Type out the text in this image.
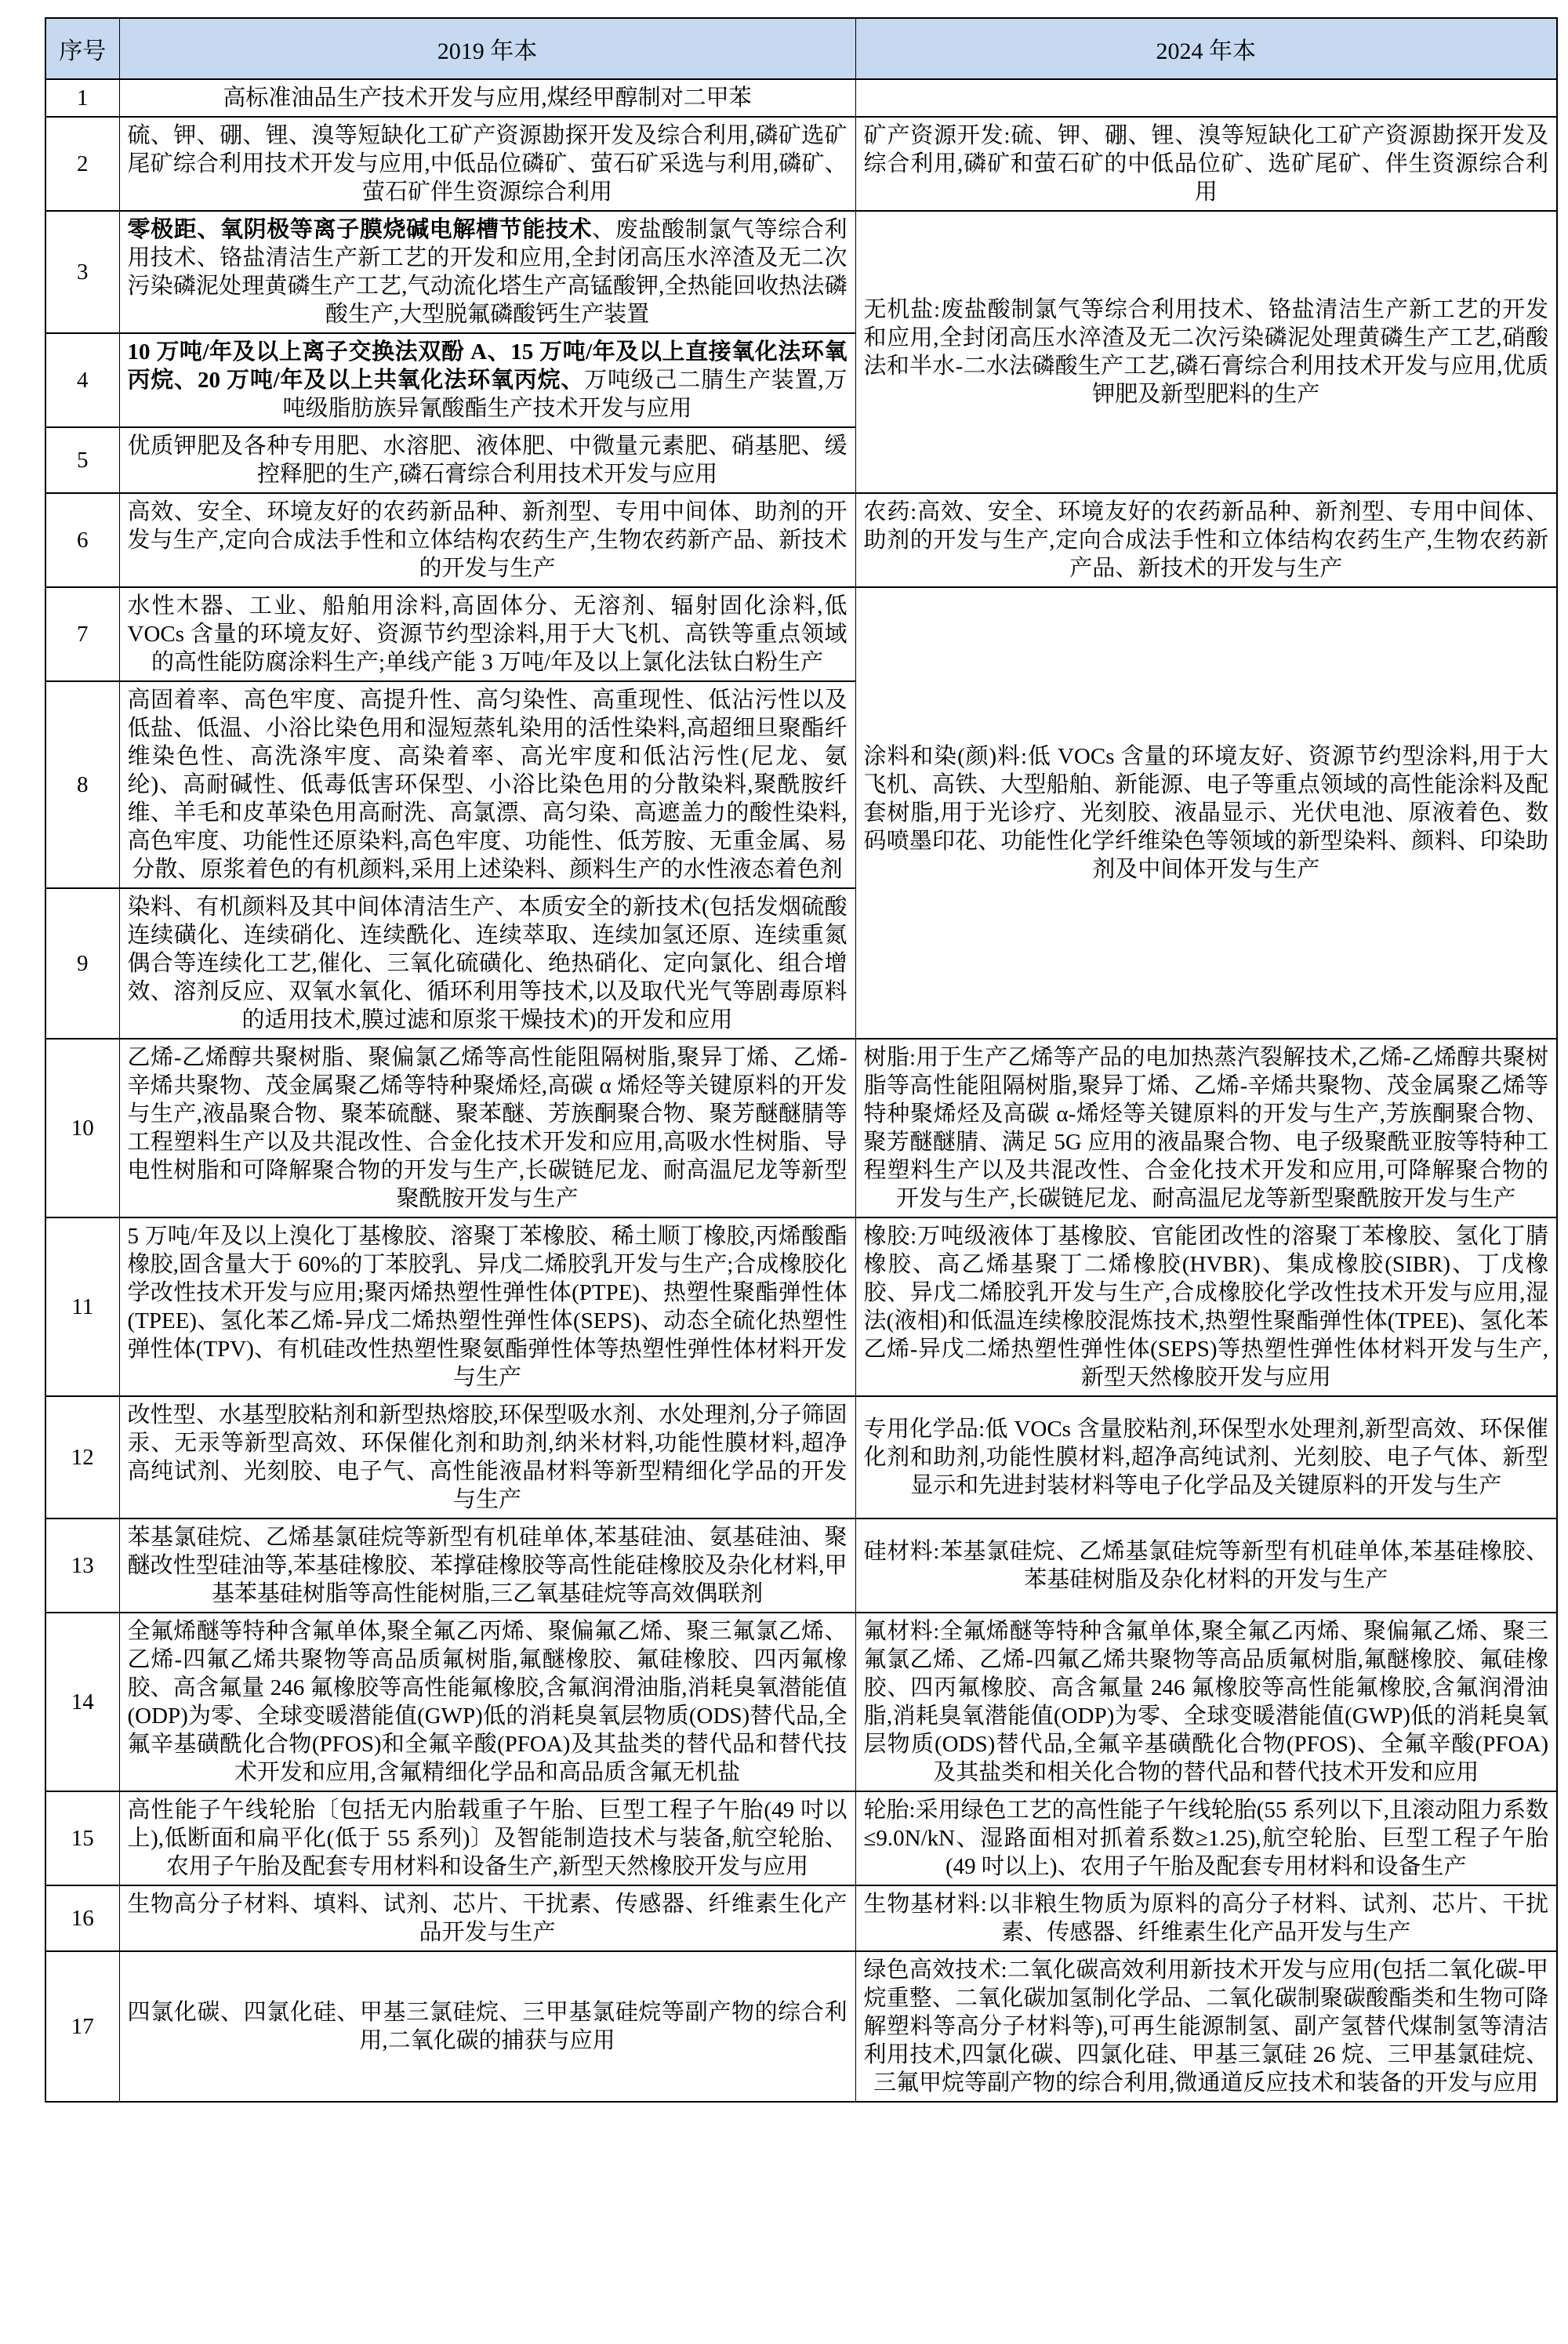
序号	2019 年本	2024 年本
1	高标准油品生产技术开发与应用,煤经甲醇制对二甲苯	
2	硫、钾、硼、锂、溴等短缺化工矿产资源勘探开发及综合利用,磷矿选矿尾矿综合利用技术开发与应用,中低品位磷矿、萤石矿采选与利用,磷矿、萤石矿伴生资源综合利用	矿产资源开发:硫、钾、硼、锂、溴等短缺化工矿产资源勘探开发及综合利用,磷矿和萤石矿的中低品位矿、选矿尾矿、伴生资源综合利用
3	零极距、氧阴极等离子膜烧碱电解槽节能技术、废盐酸制氯气等综合利用技术、铬盐清洁生产新工艺的开发和应用,全封闭高压水淬渣及无二次污染磷泥处理黄磷生产工艺,气动流化塔生产高锰酸钾,全热能回收热法磷酸生产,大型脱氟磷酸钙生产装置	无机盐:废盐酸制氯气等综合利用技术、铬盐清洁生产新工艺的开发和应用,全封闭高压水淬渣及无二次污染磷泥处理黄磷生产工艺,硝酸法和半水-二水法磷酸生产工艺,磷石膏综合利用技术开发与应用,优质钾肥及新型肥料的生产
4	10 万吨/年及以上离子交换法双酚 A、15 万吨/年及以上直接氧化法环氧丙烷、20 万吨/年及以上共氧化法环氧丙烷、万吨级己二腈生产装置,万吨级脂肪族异氰酸酯生产技术开发与应用	
5	优质钾肥及各种专用肥、水溶肥、液体肥、中微量元素肥、硝基肥、缓控释肥的生产,磷石膏综合利用技术开发与应用	
6	高效、安全、环境友好的农药新品种、新剂型、专用中间体、助剂的开发与生产,定向合成法手性和立体结构农药生产,生物农药新产品、新技术的开发与生产	农药:高效、安全、环境友好的农药新品种、新剂型、专用中间体、助剂的开发与生产,定向合成法手性和立体结构农药生产,生物农药新产品、新技术的开发与生产
7	水性木器、工业、船舶用涂料,高固体分、无溶剂、辐射固化涂料,低 VOCs 含量的环境友好、资源节约型涂料,用于大飞机、高铁等重点领域的高性能防腐涂料生产;单线产能 3 万吨/年及以上氯化法钛白粉生产	涂料和染(颜)料:低 VOCs 含量的环境友好、资源节约型涂料,用于大飞机、高铁、大型船舶、新能源、电子等重点领域的高性能涂料及配套树脂,用于光诊疗、光刻胶、液晶显示、光伏电池、原液着色、数码喷墨印花、功能性化学纤维染色等领域的新型染料、颜料、印染助剂及中间体开发与生产
8	高固着率、高色牢度、高提升性、高匀染性、高重现性、低沾污性以及低盐、低温、小浴比染色用和湿短蒸轧染用的活性染料,高超细旦聚酯纤维染色性、高洗涤牢度、高染着率、高光牢度和低沾污性(尼龙、氨纶)、高耐碱性、低毒低害环保型、小浴比染色用的分散染料,聚酰胺纤维、羊毛和皮革染色用高耐洗、高氯漂、高匀染、高遮盖力的酸性染料,高色牢度、功能性还原染料,高色牢度、功能性、低芳胺、无重金属、易分散、原浆着色的有机颜料,采用上述染料、颜料生产的水性液态着色剂	
9	染料、有机颜料及其中间体清洁生产、本质安全的新技术(包括发烟硫酸连续磺化、连续硝化、连续酰化、连续萃取、连续加氢还原、连续重氮偶合等连续化工艺,催化、三氧化硫磺化、绝热硝化、定向氯化、组合增效、溶剂反应、双氧水氧化、循环利用等技术,以及取代光气等剧毒原料的适用技术,膜过滤和原浆干燥技术)的开发和应用	
10	乙烯-乙烯醇共聚树脂、聚偏氯乙烯等高性能阻隔树脂,聚异丁烯、乙烯-辛烯共聚物、茂金属聚乙烯等特种聚烯烃,高碳 α 烯烃等关键原料的开发与生产,液晶聚合物、聚苯硫醚、聚苯醚、芳族酮聚合物、聚芳醚醚腈等工程塑料生产以及共混改性、合金化技术开发和应用,高吸水性树脂、导电性树脂和可降解聚合物的开发与生产,长碳链尼龙、耐高温尼龙等新型聚酰胺开发与生产	树脂:用于生产乙烯等产品的电加热蒸汽裂解技术,乙烯-乙烯醇共聚树脂等高性能阻隔树脂,聚异丁烯、乙烯-辛烯共聚物、茂金属聚乙烯等特种聚烯烃及高碳 α-烯烃等关键原料的开发与生产,芳族酮聚合物、聚芳醚醚腈、满足 5G 应用的液晶聚合物、电子级聚酰亚胺等特种工程塑料生产以及共混改性、合金化技术开发和应用,可降解聚合物的开发与生产,长碳链尼龙、耐高温尼龙等新型聚酰胺开发与生产
11	5 万吨/年及以上溴化丁基橡胶、溶聚丁苯橡胶、稀土顺丁橡胶,丙烯酸酯橡胶,固含量大于 60%的丁苯胶乳、异戊二烯胶乳开发与生产;合成橡胶化学改性技术开发与应用;聚丙烯热塑性弹性体(PTPE)、热塑性聚酯弹性体(TPEE)、氢化苯乙烯-异戊二烯热塑性弹性体(SEPS)、动态全硫化热塑性弹性体(TPV)、有机硅改性热塑性聚氨酯弹性体等热塑性弹性体材料开发与生产	橡胶:万吨级液体丁基橡胶、官能团改性的溶聚丁苯橡胶、氢化丁腈橡胶、高乙烯基聚丁二烯橡胶(HVBR)、集成橡胶(SIBR)、丁戊橡胶、异戊二烯胶乳开发与生产,合成橡胶化学改性技术开发与应用,湿法(液相)和低温连续橡胶混炼技术,热塑性聚酯弹性体(TPEE)、氢化苯乙烯-异戊二烯热塑性弹性体(SEPS)等热塑性弹性体材料开发与生产,新型天然橡胶开发与应用
12	改性型、水基型胶粘剂和新型热熔胶,环保型吸水剂、水处理剂,分子筛固汞、无汞等新型高效、环保催化剂和助剂,纳米材料,功能性膜材料,超净高纯试剂、光刻胶、电子气、高性能液晶材料等新型精细化学品的开发与生产	专用化学品:低 VOCs 含量胶粘剂,环保型水处理剂,新型高效、环保催化剂和助剂,功能性膜材料,超净高纯试剂、光刻胶、电子气体、新型显示和先进封装材料等电子化学品及关键原料的开发与生产
13	苯基氯硅烷、乙烯基氯硅烷等新型有机硅单体,苯基硅油、氨基硅油、聚醚改性型硅油等,苯基硅橡胶、苯撑硅橡胶等高性能硅橡胶及杂化材料,甲基苯基硅树脂等高性能树脂,三乙氧基硅烷等高效偶联剂	硅材料:苯基氯硅烷、乙烯基氯硅烷等新型有机硅单体,苯基硅橡胶、苯基硅树脂及杂化材料的开发与生产
14	全氟烯醚等特种含氟单体,聚全氟乙丙烯、聚偏氟乙烯、聚三氟氯乙烯、乙烯-四氟乙烯共聚物等高品质氟树脂,氟醚橡胶、氟硅橡胶、四丙氟橡胶、高含氟量 246 氟橡胶等高性能氟橡胶,含氟润滑油脂,消耗臭氧潜能值(ODP)为零、全球变暖潜能值(GWP)低的消耗臭氧层物质(ODS)替代品,全氟辛基磺酰化合物(PFOS)和全氟辛酸(PFOA)及其盐类的替代品和替代技术开发和应用,含氟精细化学品和高品质含氟无机盐	氟材料:全氟烯醚等特种含氟单体,聚全氟乙丙烯、聚偏氟乙烯、聚三氟氯乙烯、乙烯-四氟乙烯共聚物等高品质氟树脂,氟醚橡胶、氟硅橡胶、四丙氟橡胶、高含氟量 246 氟橡胶等高性能氟橡胶,含氟润滑油脂,消耗臭氧潜能值(ODP)为零、全球变暖潜能值(GWP)低的消耗臭氧层物质(ODS)替代品,全氟辛基磺酰化合物(PFOS)、全氟辛酸(PFOA)及其盐类和相关化合物的替代品和替代技术开发和应用
15	高性能子午线轮胎〔包括无内胎载重子午胎、巨型工程子午胎(49 吋以上),低断面和扁平化(低于 55 系列)〕及智能制造技术与装备,航空轮胎、农用子午胎及配套专用材料和设备生产,新型天然橡胶开发与应用	轮胎:采用绿色工艺的高性能子午线轮胎(55 系列以下,且滚动阻力系数≤9.0N/kN、湿路面相对抓着系数≥1.25),航空轮胎、巨型工程子午胎(49 吋以上)、农用子午胎及配套专用材料和设备生产
16	生物高分子材料、填料、试剂、芯片、干扰素、传感器、纤维素生化产品开发与生产	生物基材料:以非粮生物质为原料的高分子材料、试剂、芯片、干扰素、传感器、纤维素生化产品开发与生产
17	四氯化碳、四氯化硅、甲基三氯硅烷、三甲基氯硅烷等副产物的综合利用,二氧化碳的捕获与应用	绿色高效技术:二氧化碳高效利用新技术开发与应用(包括二氧化碳-甲烷重整、二氧化碳加氢制化学品、二氧化碳制聚碳酸酯类和生物可降解塑料等高分子材料等),可再生能源制氢、副产氢替代煤制氢等清洁利用技术,四氯化碳、四氯化硅、甲基三氯硅 26 烷、三甲基氯硅烷、三氟甲烷等副产物的综合利用,微通道反应技术和装备的开发与应用
